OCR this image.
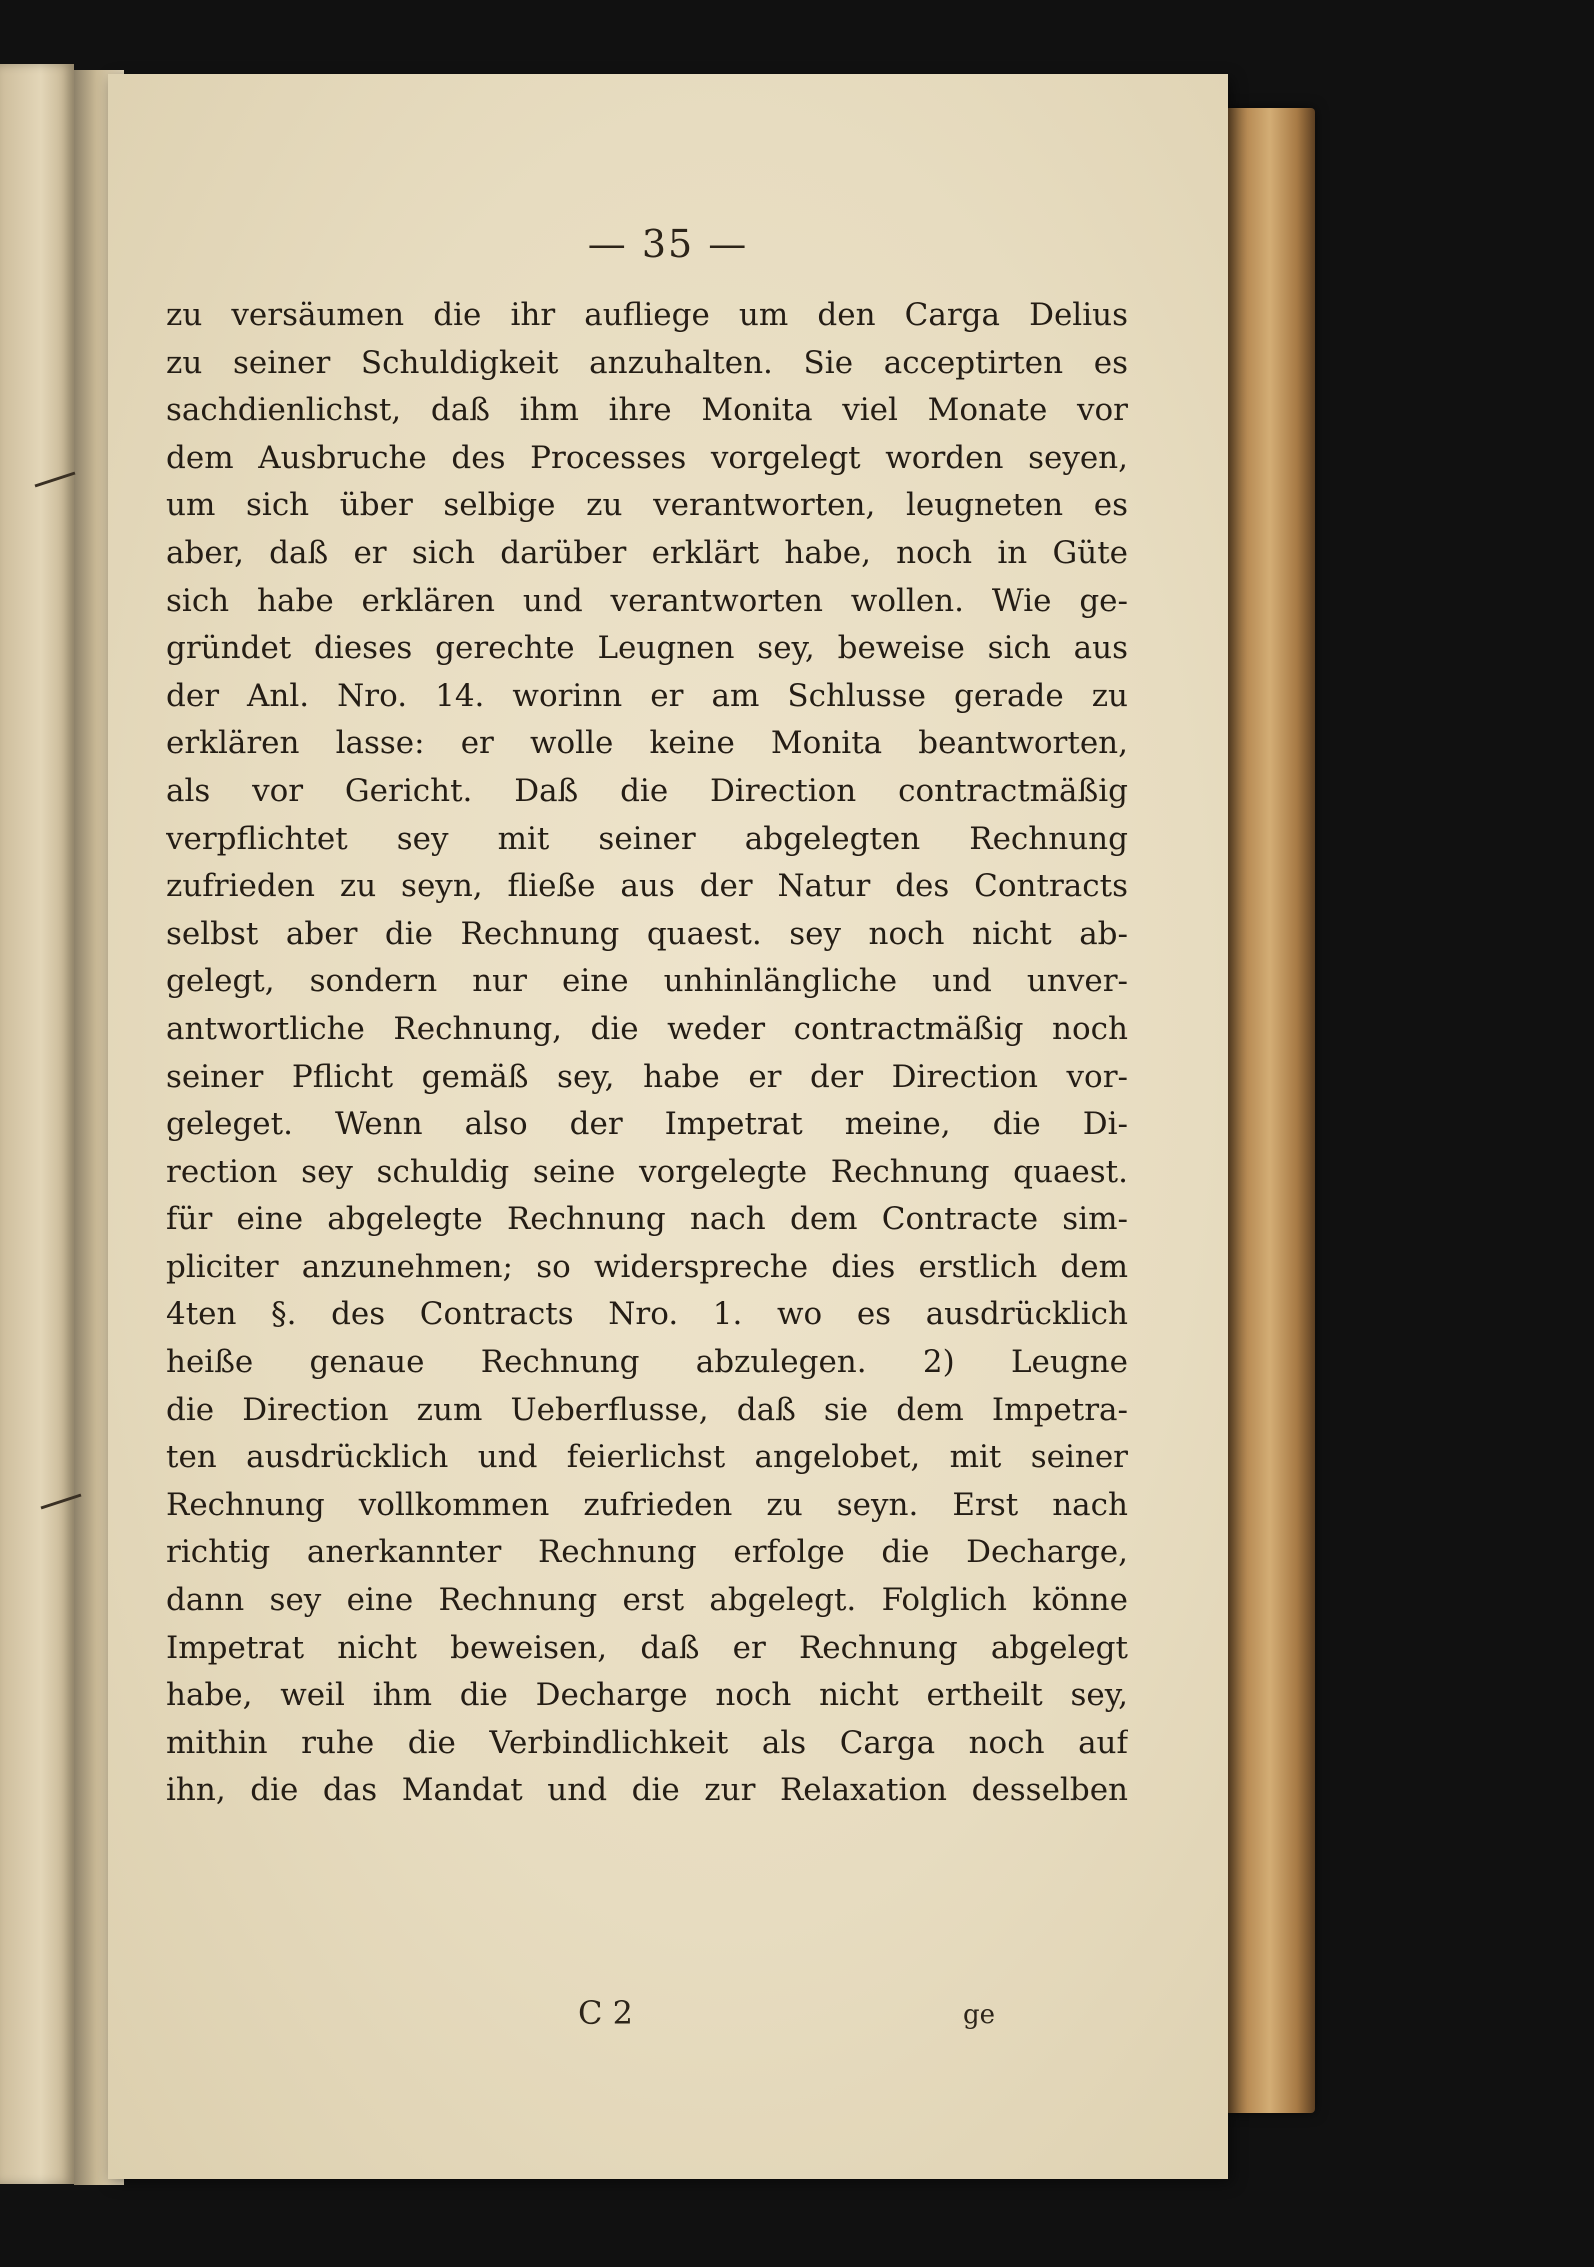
— 35 —
zu versäumen die ihr aufliege um den Carga Delius
zu seiner Schuldigkeit anzuhalten. Sie acceptirten es
sachdienlichst, daß ihm ihre Monita viel Monate vor
dem Ausbruche des Processes vorgelegt worden seyen,
um sich über selbige zu verantworten, leugneten es
aber, daß er sich darüber erklärt habe, noch in Güte
sich habe erklären und verantworten wollen. Wie ge-
gründet dieses gerechte Leugnen sey, beweise sich aus
der Anl. Nro. 14. worinn er am Schlusse gerade zu
erklären lasse: er wolle keine Monita beantworten,
als vor Gericht. Daß die Direction contractmäßig
verpflichtet sey mit seiner abgelegten Rechnung
zufrieden zu seyn, fließe aus der Natur des Contracts
selbst aber die Rechnung quaest. sey noch nicht ab-
gelegt, sondern nur eine unhinlängliche und unver-
antwortliche Rechnung, die weder contractmäßig noch
seiner Pflicht gemäß sey, habe er der Direction vor-
geleget. Wenn also der Impetrat meine, die Di-
rection sey schuldig seine vorgelegte Rechnung quaest.
für eine abgelegte Rechnung nach dem Contracte sim-
pliciter anzunehmen; so widerspreche dies erstlich dem
4ten §. des Contracts Nro. 1. wo es ausdrücklich
heiße genaue Rechnung abzulegen. 2) Leugne
die Direction zum Ueberflusse, daß sie dem Impetra-
ten ausdrücklich und feierlichst angelobet, mit seiner
Rechnung vollkommen zufrieden zu seyn. Erst nach
richtig anerkannter Rechnung erfolge die Decharge,
dann sey eine Rechnung erst abgelegt. Folglich könne
Impetrat nicht beweisen, daß er Rechnung abgelegt
habe, weil ihm die Decharge noch nicht ertheilt sey,
mithin ruhe die Verbindlichkeit als Carga noch auf
ihn, die das Mandat und die zur Relaxation desselben
C 2	ge
